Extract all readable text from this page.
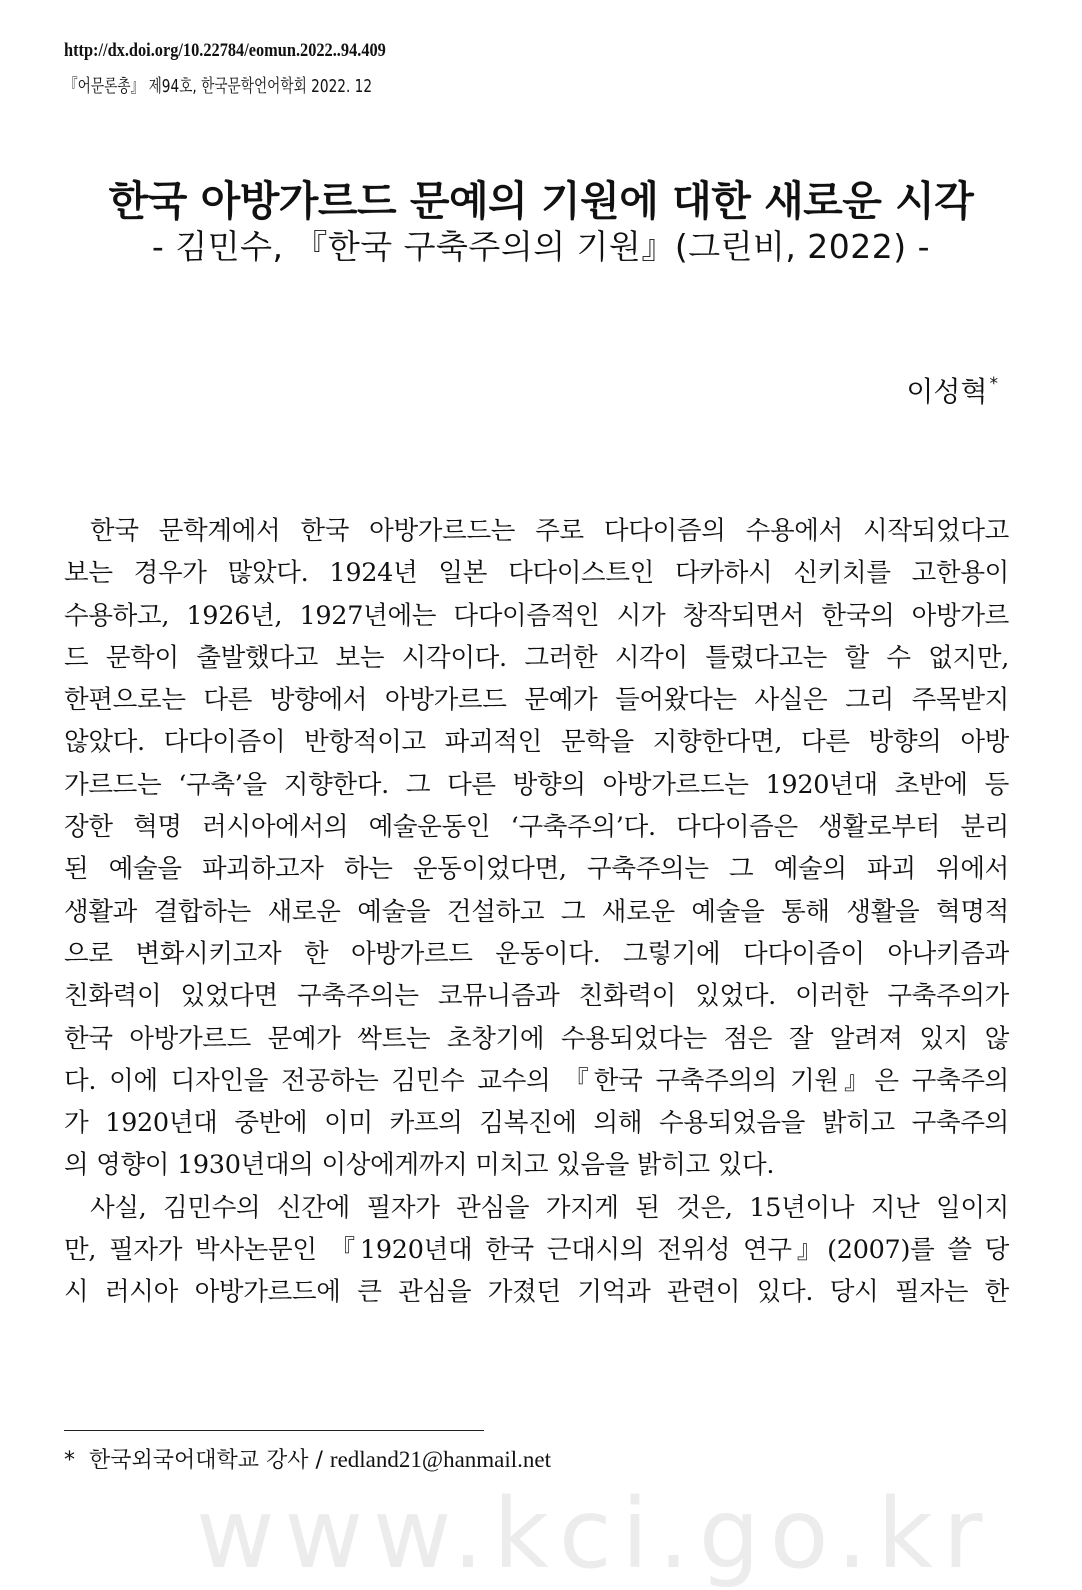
http://dx.doi.org/10.22784/eomun.2022..94.409
『어문론총』 제94호, 한국문학언어학회 2022. 12
한국 아방가르드 문예의 기원에 대한 새로운 시각
- 김민수, 『한국 구축주의의 기원』(그린비, 2022) -
이성혁 *
한국 문학계에서 한국 아방가르드는 주로 다다이즘의 수용에서 시작되었다고
보는 경우가 많았다. 1924년 일본 다다이스트인 다카하시 신키치를 고한용이
수용하고, 1926년, 1927년에는 다다이즘적인 시가 창작되면서 한국의 아방가르
드 문학이 출발했다고 보는 시각이다. 그러한 시각이 틀렸다고는 할 수 없지만,
한편으로는 다른 방향에서 아방가르드 문예가 들어왔다는 사실은 그리 주목받지
않았다. 다다이즘이 반항적이고 파괴적인 문학을 지향한다면, 다른 방향의 아방
가르드는 ‘구축’을 지향한다. 그 다른 방향의 아방가르드는 1920년대 초반에 등
장한 혁명 러시아에서의 예술운동인 ‘구축주의’다. 다다이즘은 생활로부터 분리
된 예술을 파괴하고자 하는 운동이었다면, 구축주의는 그 예술의 파괴 위에서
생활과 결합하는 새로운 예술을 건설하고 그 새로운 예술을 통해 생활을 혁명적
으로 변화시키고자 한 아방가르드 운동이다. 그렇기에 다다이즘이 아나키즘과
친화력이 있었다면 구축주의는 코뮤니즘과 친화력이 있었다. 이러한 구축주의가
한국 아방가르드 문예가 싹트는 초창기에 수용되었다는 점은 잘 알려져 있지 않
다. 이에 디자인을 전공하는 김민수 교수의 『한국 구축주의의 기원』은 구축주의
가 1920년대 중반에 이미 카프의 김복진에 의해 수용되었음을 밝히고 구축주의
의 영향이 1930년대의 이상에게까지 미치고 있음을 밝히고 있다.
사실, 김민수의 신간에 필자가 관심을 가지게 된 것은, 15년이나 지난 일이지
만, 필자가 박사논문인 『1920년대 한국 근대시의 전위성 연구』(2007)를 쓸 당
시 러시아 아방가르드에 큰 관심을 가졌던 기억과 관련이 있다. 당시 필자는 한
* 한국외국어대학교 강사 / redland21@hanmail.net
www.kci.go.kr
